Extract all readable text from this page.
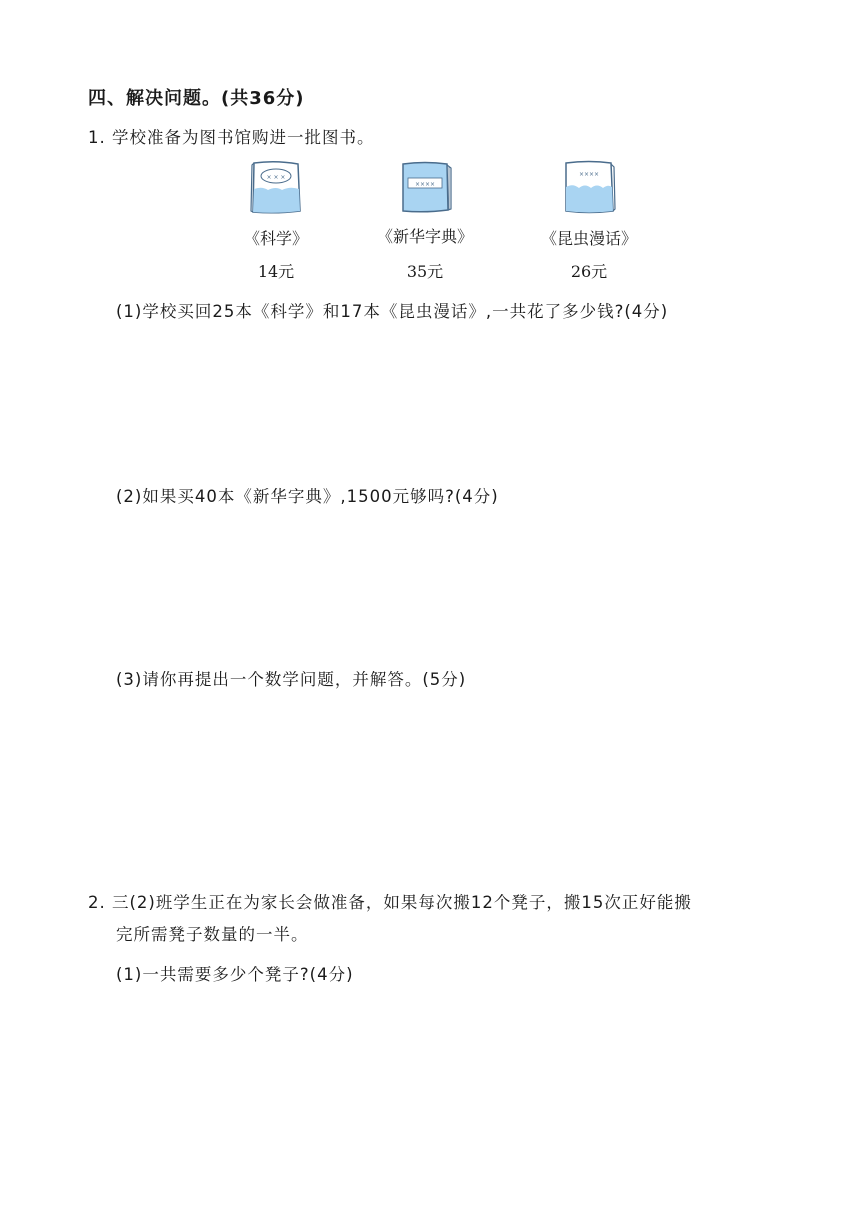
四、解决问题。(共36分)
1. 学校准备为图书馆购进一批图书。
× × ×
××××
××××
《科学》	《新华字典》	《昆虫漫话》
14元	35元	26元
(1)学校买回25本《科学》和17本《昆虫漫话》,一共花了多少钱?(4分)
(2)如果买40本《新华字典》,1500元够吗?(4分)
(3)请你再提出一个数学问题，并解答。(5分)
2. 三(2)班学生正在为家长会做准备，如果每次搬12个凳子，搬15次正好能搬
完所需凳子数量的一半。
(1)一共需要多少个凳子?(4分)
